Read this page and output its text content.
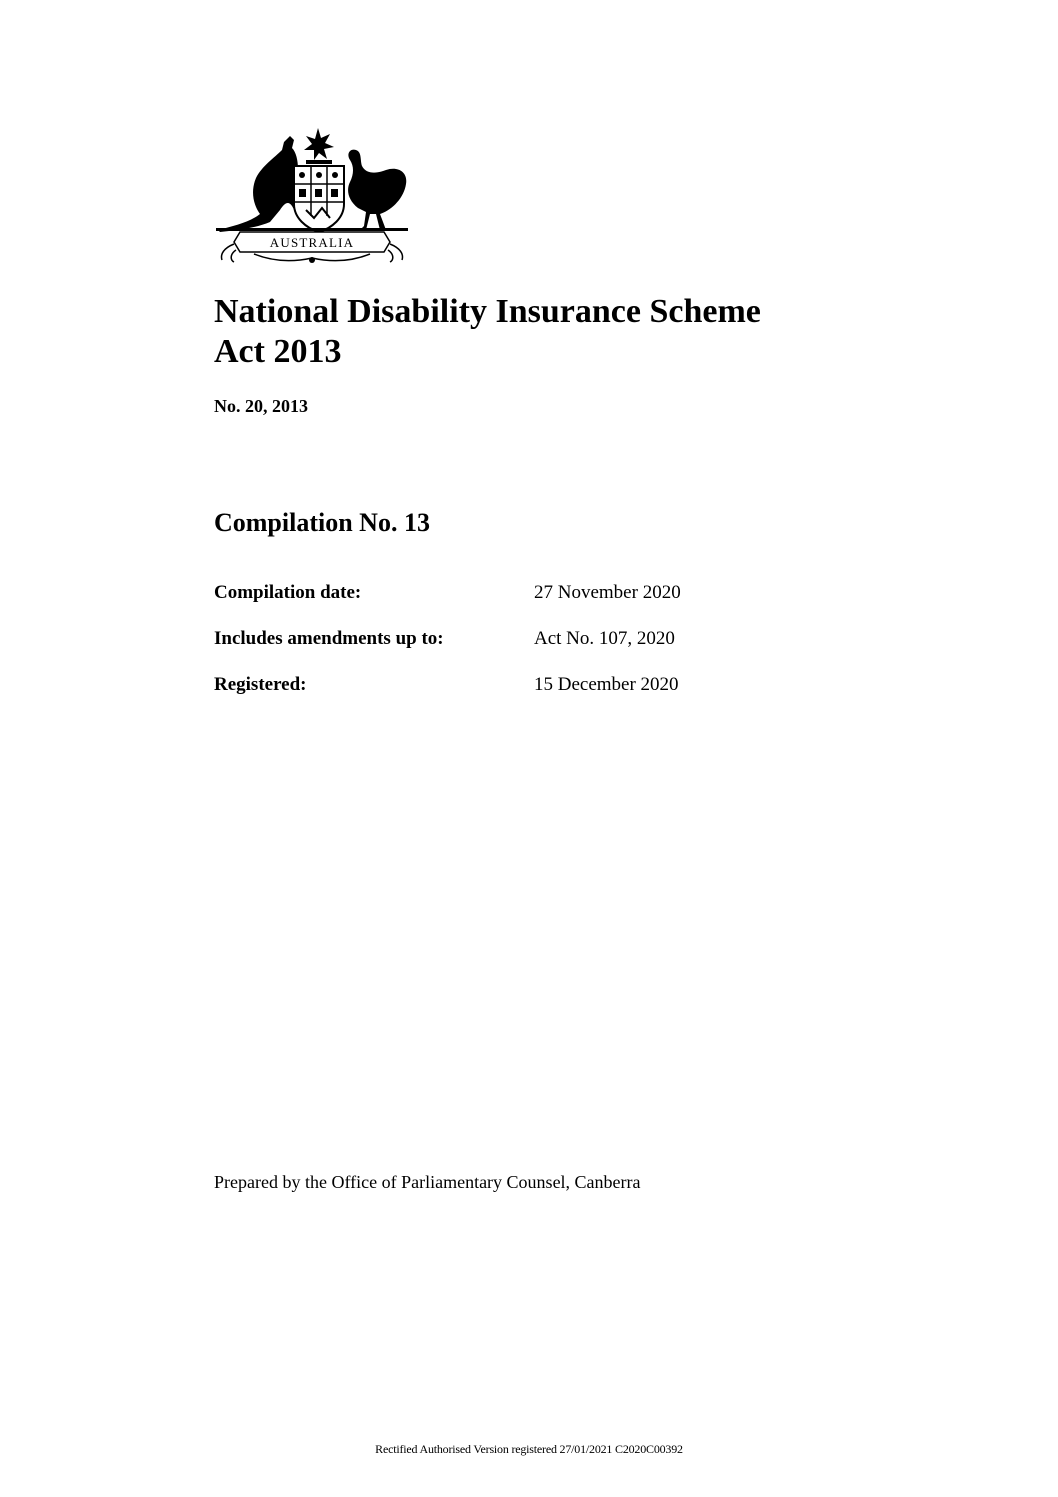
AUSTRALIA
National Disability Insurance Scheme
Act 2013
No. 20, 2013
Compilation No. 13
Compilation date:	27 November 2020
Includes amendments up to:	Act No. 107, 2020
Registered:	15 December 2020
Prepared by the Office of Parliamentary Counsel, Canberra
Rectified Authorised Version registered 27/01/2021 C2020C00392
